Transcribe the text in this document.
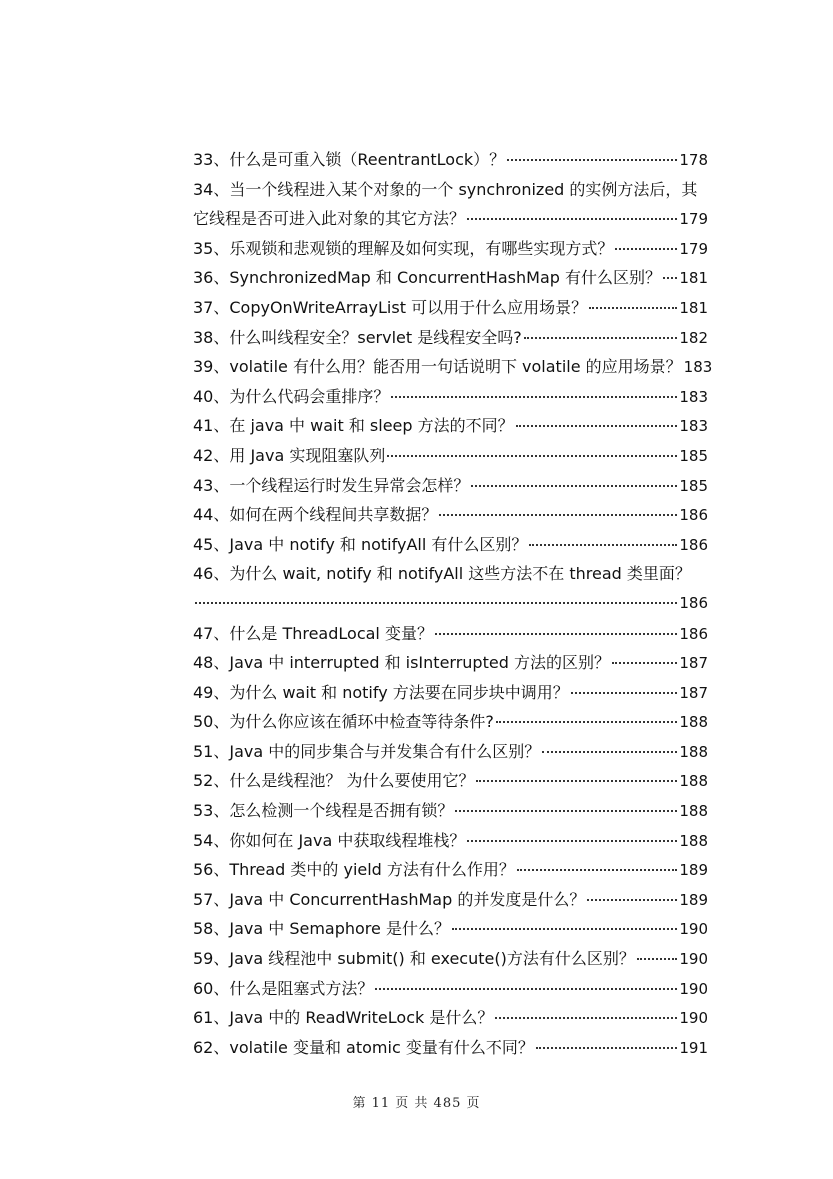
33、什么是可重入锁（ReentrantLock）？	178
34、当一个线程进入某个对象的一个 synchronized 的实例方法后，其
它线程是否可进入此对象的其它方法？	179
35、乐观锁和悲观锁的理解及如何实现，有哪些实现方式？	179
36、SynchronizedMap 和 ConcurrentHashMap 有什么区别？ 181
37、CopyOnWriteArrayList 可以用于什么应用场景？	181
38、什么叫线程安全？servlet 是线程安全吗?	182
39、volatile 有什么用？能否用一句话说明下 volatile 的应用场景？ 183
40、为什么代码会重排序？	183
41、在 java 中 wait 和 sleep 方法的不同？	183
42、用 Java 实现阻塞队列	185
43、一个线程运行时发生异常会怎样？	185
44、如何在两个线程间共享数据？	186
45、Java 中 notify 和 notifyAll 有什么区别？	186
46、为什么 wait, notify 和 notifyAll 这些方法不在 thread 类里面？
186
47、什么是 ThreadLocal 变量？	186
48、Java 中 interrupted 和 isInterrupted 方法的区别？	187
49、为什么 wait 和 notify 方法要在同步块中调用？	187
50、为什么你应该在循环中检查等待条件?	188
51、Java 中的同步集合与并发集合有什么区别？	188
52、什么是线程池？ 为什么要使用它？	188
53、怎么检测一个线程是否拥有锁？	188
54、你如何在 Java 中获取线程堆栈？	188
56、Thread 类中的 yield 方法有什么作用？	189
57、Java 中 ConcurrentHashMap 的并发度是什么？	189
58、Java 中 Semaphore 是什么？	190
59、Java 线程池中 submit() 和 execute()方法有什么区别？	190
60、什么是阻塞式方法？	190
61、Java 中的 ReadWriteLock 是什么？	190
62、volatile 变量和 atomic 变量有什么不同？	191
第 11 页 共 485 页
